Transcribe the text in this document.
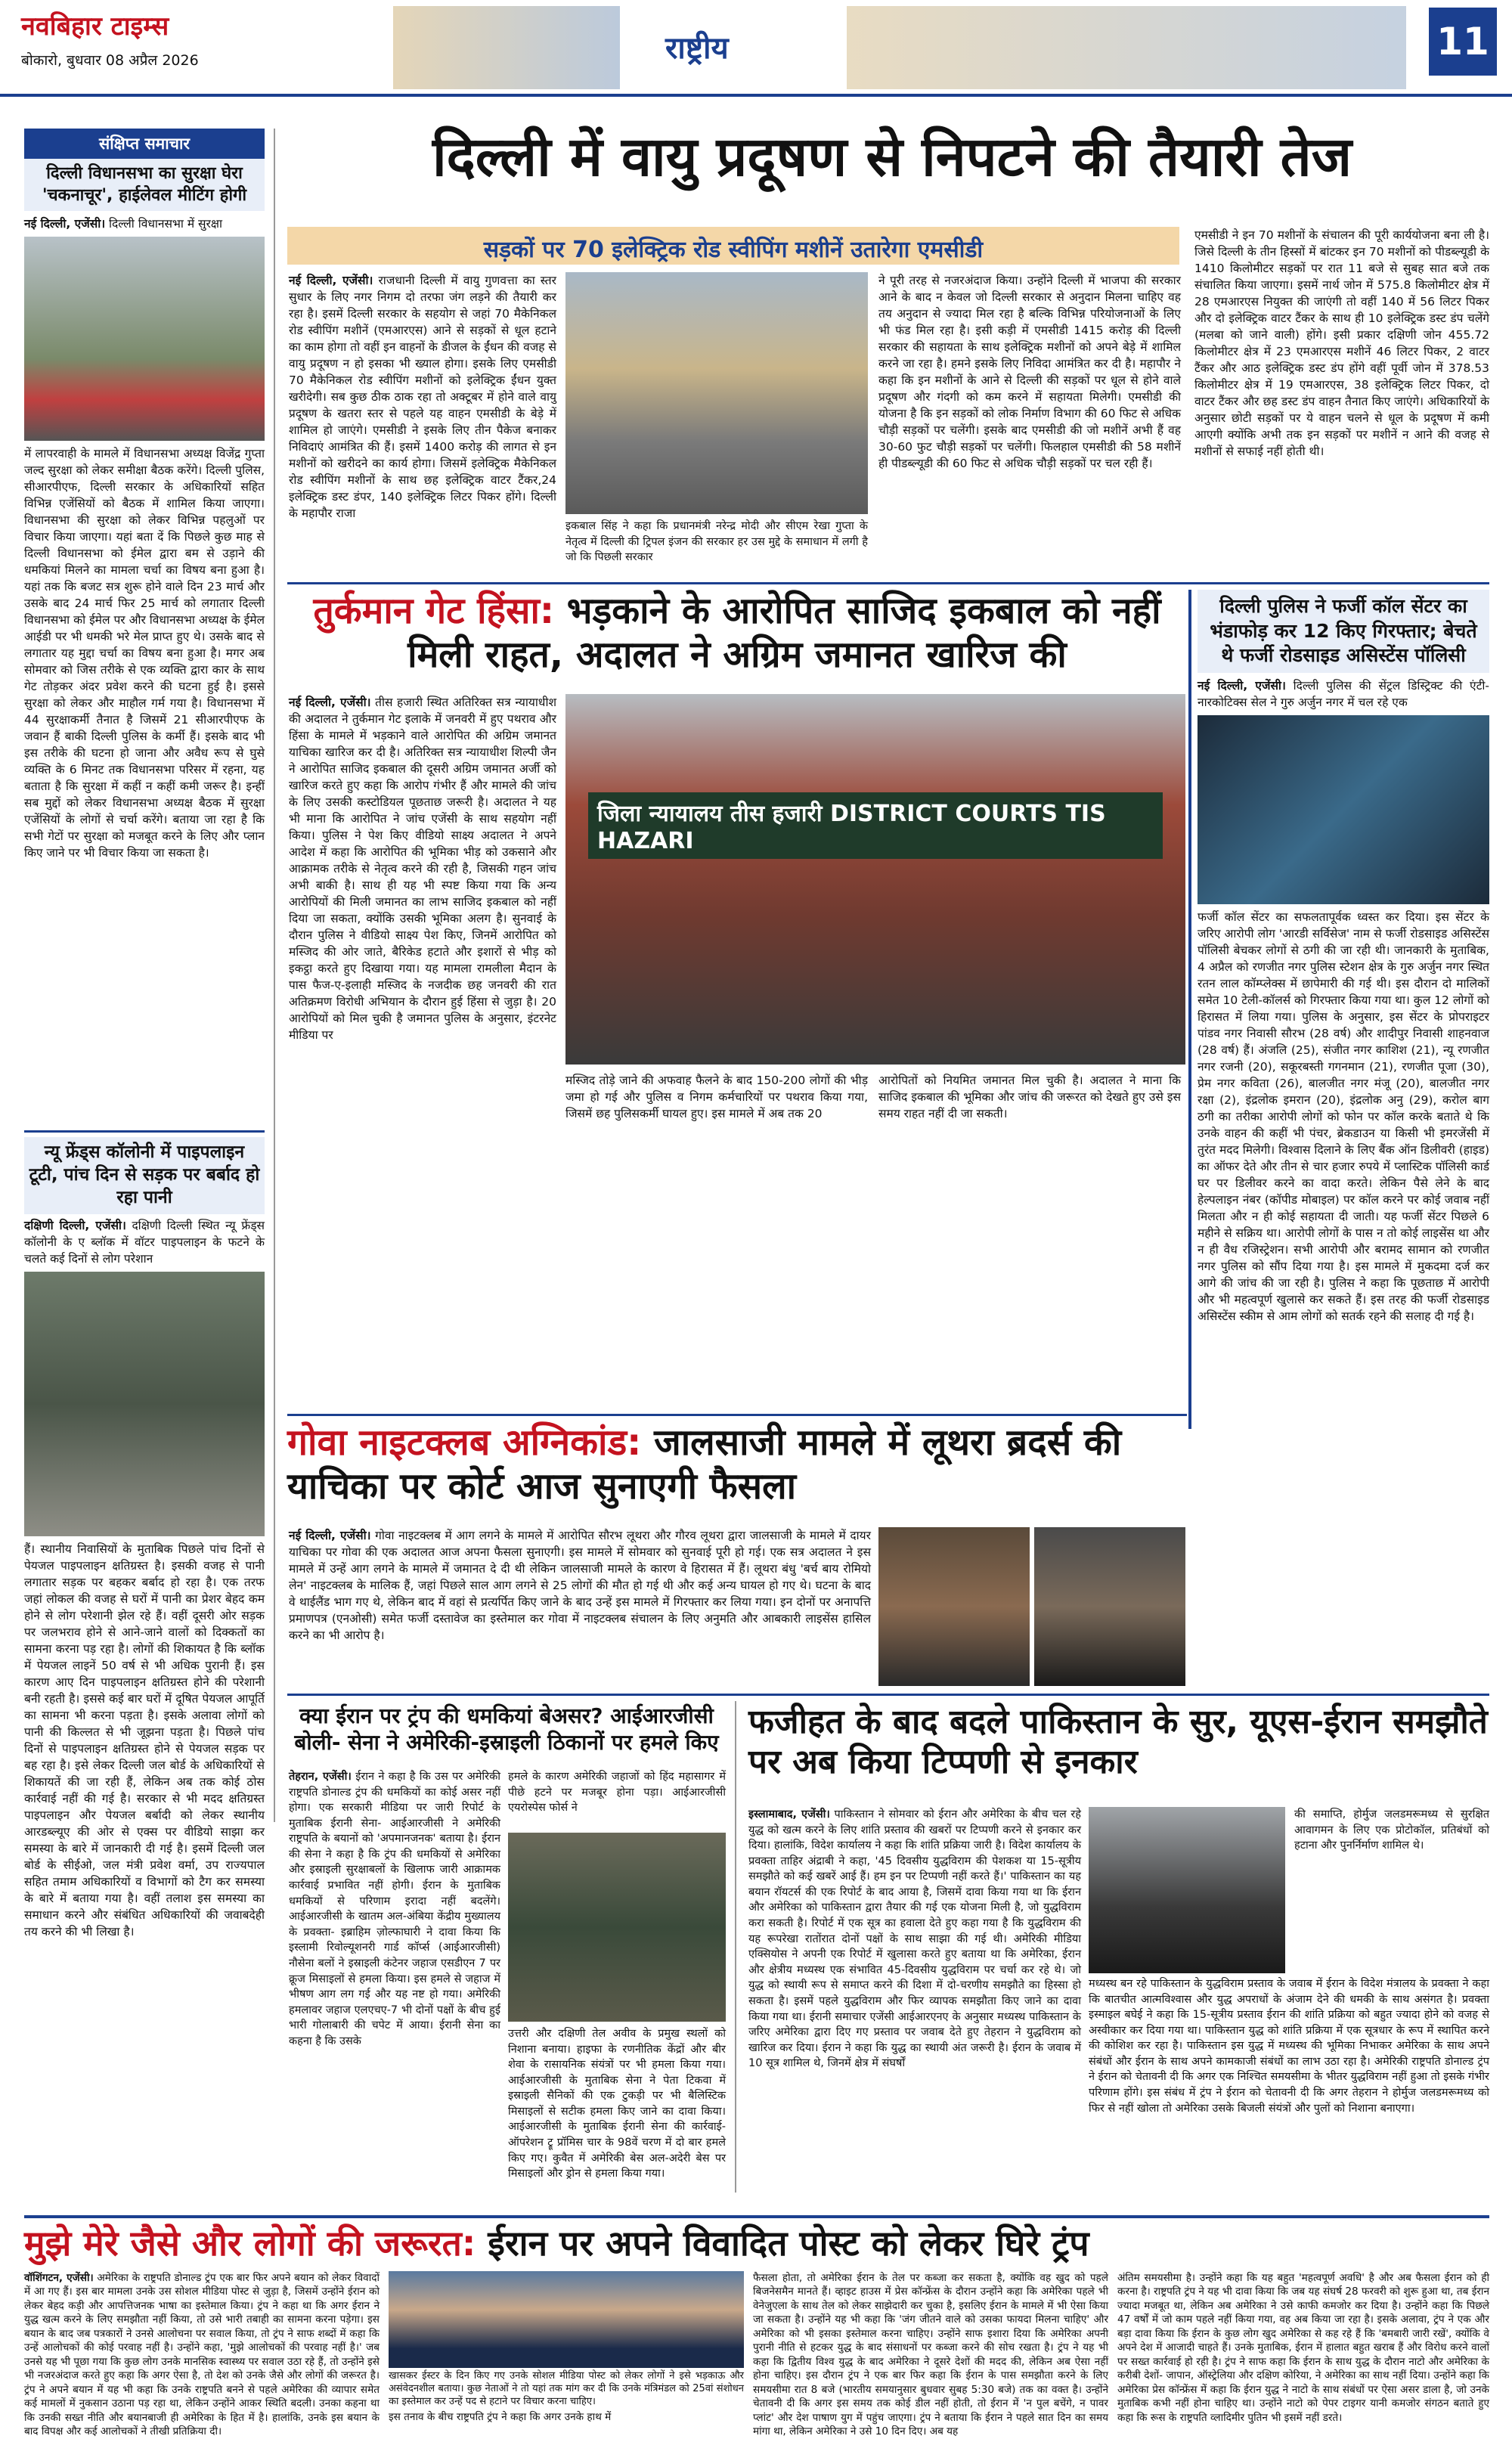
नवबिहार टाइम्स
बोकारो, बुधवार 08 अप्रैल 2026	राष्ट्रीय	11
संक्षिप्त समाचार
दिल्ली विधानसभा का सुरक्षा घेरा 'चकनाचूर', हाईलेवल मीटिंग होगी
नई दिल्ली, एजेंसी। दिल्ली विधानसभा में सुरक्षा
में लापरवाही के मामले में विधानसभा अध्यक्ष विजेंद्र गुप्ता जल्द सुरक्षा को लेकर समीक्षा बैठक करेंगे। दिल्ली पुलिस, सीआरपीएफ, दिल्ली सरकार के अधिकारियों सहित विभिन्न एजेंसियों को बैठक में शामिल किया जाएगा। विधानसभा की सुरक्षा को लेकर विभिन्न पहलुओं पर विचार किया जाएगा। यहां बता दें कि पिछले कुछ माह से दिल्ली विधानसभा को ईमेल द्वारा बम से उड़ाने की धमकियां मिलने का मामला चर्चा का विषय बना हुआ है। यहां तक कि बजट सत्र शुरू होने वाले दिन 23 मार्च और उसके बाद 24 मार्च फिर 25 मार्च को लगातार दिल्ली विधानसभा को ईमेल पर और विधानसभा अध्यक्ष के ईमेल आईडी पर भी धमकी भरे मेल प्राप्त हुए थे। उसके बाद से लगातार यह मुद्दा चर्चा का विषय बना हुआ है। मगर अब सोमवार को जिस तरीके से एक व्यक्ति द्वारा कार के साथ गेट तोड़कर अंदर प्रवेश करने की घटना हुई है। इससे सुरक्षा को लेकर और माहौल गर्म गया है। विधानसभा में 44 सुरक्षाकर्मी तैनात है जिसमें 21 सीआरपीएफ के जवान हैं बाकी दिल्ली पुलिस के कर्मी हैं। इसके बाद भी इस तरीके की घटना हो जाना और अवैध रूप से घुसे व्यक्ति के 6 मिनट तक विधानसभा परिसर में रहना, यह बताता है कि सुरक्षा में कहीं न कहीं कमी जरूर है। इन्हीं सब मुद्दों को लेकर विधानसभा अध्यक्ष बैठक में सुरक्षा एजेंसियों के लोगों से चर्चा करेंगे। बताया जा रहा है कि सभी गेटों पर सुरक्षा को मजबूत करने के लिए और प्लान किए जाने पर भी विचार किया जा सकता है।
न्यू फ्रेंड्स कॉलोनी में पाइपलाइन टूटी, पांच दिन से सड़क पर बर्बाद हो रहा पानी
दक्षिणी दिल्ली, एजेंसी। दक्षिणी दिल्ली स्थित न्यू फ्रेंड्स कॉलोनी के ए ब्लॉक में वॉटर पाइपलाइन के फटने के चलते कई दिनों से लोग परेशान
हैं। स्थानीय निवासियों के मुताबिक पिछले पांच दिनों से पेयजल पाइपलाइन क्षतिग्रस्त है। इसकी वजह से पानी लगातार सड़क पर बहकर बर्बाद हो रहा है। एक तरफ जहां लोकल की वजह से घरों में पानी का प्रेशर बेहद कम होने से लोग परेशानी झेल रहे हैं। वहीं दूसरी ओर सड़क पर जलभराव होने से आने-जाने वालों को दिक्कतों का सामना करना पड़ रहा है। लोगों की शिकायत है कि ब्लॉक में पेयजल लाइनें 50 वर्ष से भी अधिक पुरानी हैं। इस कारण आए दिन पाइपलाइन क्षतिग्रस्त होने की परेशानी बनी रहती है। इससे कई बार घरों में दूषित पेयजल आपूर्ति का सामना भी करना पड़ता है। इसके अलावा लोगों को पानी की किल्लत से भी जूझना पड़ता है। पिछले पांच दिनों से पाइपलाइन क्षतिग्रस्त होने से पेयजल सड़क पर बह रहा है। इसे लेकर दिल्ली जल बोर्ड के अधिकारियों से शिकायतें की जा रही हैं, लेकिन अब तक कोई ठोस कार्रवाई नहीं की गई है। सरकार से भी मदद क्षतिग्रस्त पाइपलाइन और पेयजल बर्बादी को लेकर स्थानीय आरडब्ल्यूए की ओर से एक्स पर वीडियो साझा कर समस्या के बारे में जानकारी दी गई है। इसमें दिल्ली जल बोर्ड के सीईओ, जल मंत्री प्रवेश वर्मा, उप राज्यपाल सहित तमाम अधिकारियों व विभागों को टैग कर समस्या के बारे में बताया गया है। वहीं तलाश इस समस्या का समाधान करने और संबंधित अधिकारियों की जवाबदेही तय करने की भी लिखा है।
दिल्ली में वायु प्रदूषण से निपटने की तैयारी तेज
सड़कों पर 70 इलेक्ट्रिक रोड स्वीपिंग मशीनें उतारेगा एमसीडी
नई दिल्ली, एजेंसी। राजधानी दिल्ली में वायु गुणवत्ता का स्तर सुधार के लिए नगर निगम दो तरफा जंग लड़ने की तैयारी कर रहा है। इसमें दिल्ली सरकार के सहयोग से जहां 70 मैकेनिकल रोड स्वीपिंग मशीनें (एमआरएस) आने से सड़कों से धूल हटाने का काम होगा तो वहीं इन वाहनों के डीजल के ईंधन की वजह से वायु प्रदूषण न हो इसका भी ख्याल होगा। इसके लिए एमसीडी 70 मैकेनिकल रोड स्वीपिंग मशीनों को इलेक्ट्रिक ईंधन युक्त खरीदेगी। सब कुछ ठीक ठाक रहा तो अक्टूबर में होने वाले वायु प्रदूषण के खतरा स्तर से पहले यह वाहन एमसीडी के बेड़े में शामिल हो जाएंगे। एमसीडी ने इसके लिए तीन पैकेज बनाकर निविदाएं आमंत्रित की हैं। इसमें 1400 करोड़ की लागत से इन मशीनों को खरीदने का कार्य होगा। जिसमें इलेक्ट्रिक मैकेनिकल रोड स्वीपिंग मशीनों के साथ छह इलेक्ट्रिक वाटर टैंकर,24 इलेक्ट्रिक डस्ट डंपर, 140 इलेक्ट्रिक लिटर पिकर होंगे। दिल्ली के महापौर राजा
इकबाल सिंह ने कहा कि प्रधानमंत्री नरेन्द्र मोदी और सीएम रेखा गुप्ता के नेतृत्व में दिल्ली की ट्रिपल इंजन की सरकार हर उस मुद्दे के समाधान में लगी है जो कि पिछली सरकार
ने पूरी तरह से नजरअंदाज किया। उन्होंने दिल्ली में भाजपा की सरकार आने के बाद न केवल जो दिल्ली सरकार से अनुदान मिलना चाहिए वह तय अनुदान से ज्यादा मिल रहा है बल्कि विभिन्न परियोजनाओं के लिए भी फंड मिल रहा है। इसी कड़ी में एमसीडी 1415 करोड़ की दिल्ली सरकार की सहायता के साथ इलेक्ट्रिक मशीनों को अपने बेड़े में शामिल करने जा रहा है। हमने इसके लिए निविदा आमंत्रित कर दी है। महापौर ने कहा कि इन मशीनों के आने से दिल्ली की सड़कों पर धूल से होने वाले प्रदूषण और गंदगी को कम करने में सहायता मिलेगी। एमसीडी की योजना है कि इन सड़कों को लोक निर्माण विभाग की 60 फिट से अधिक चौड़ी सड़कों पर चलेंगी। इसके बाद एमसीडी की जो मशीनें अभी हैं वह 30-60 फुट चौड़ी सड़कों पर चलेंगी। फिलहाल एमसीडी की 58 मशीनें ही पीडब्ल्यूडी की 60 फिट से अधिक चौड़ी सड़कों पर चल रही हैं।
एमसीडी ने इन 70 मशीनों के संचालन की पूरी कार्ययोजना बना ली है। जिसे दिल्ली के तीन हिस्सों में बांटकर इन 70 मशीनों को पीडब्ल्यूडी के 1410 किलोमीटर सड़कों पर रात 11 बजे से सुबह सात बजे तक संचालित किया जाएगा। इसमें नार्थ जोन में 575.8 किलोमीटर क्षेत्र में 28 एमआरएस नियुक्त की जाएंगी तो वहीं 140 में 56 लिटर पिकर और दो इलेक्ट्रिक वाटर टैंकर के साथ ही 10 इलेक्ट्रिक डस्ट डंप चलेंगे (मलबा को जाने वाली) होंगे। इसी प्रकार दक्षिणी जोन 455.72 किलोमीटर क्षेत्र में 23 एमआरएस मशीनें 46 लिटर पिकर, 2 वाटर टैंकर और आठ इलेक्ट्रिक डस्ट डंप होंगे वहीं पूर्वी जोन में 378.53 किलोमीटर क्षेत्र में 19 एमआरएस, 38 इलेक्ट्रिक लिटर पिकर, दो वाटर टैंकर और छह डस्ट डंप वाहन तैनात किए जाएंगे। अधिकारियों के अनुसार छोटी सड़कों पर ये वाहन चलने से धूल के प्रदूषण में कमी आएगी क्योंकि अभी तक इन सड़कों पर मशीनें न आने की वजह से मशीनों से सफाई नहीं होती थी।
तुर्कमान गेट हिंसा: भड़काने के आरोपित साजिद इकबाल को नहीं मिली राहत, अदालत ने अग्रिम जमानत खारिज की
नई दिल्ली, एजेंसी। तीस हजारी स्थित अतिरिक्त सत्र न्यायाधीश की अदालत ने तुर्कमान गेट इलाके में जनवरी में हुए पथराव और हिंसा के मामले में भड़काने वाले आरोपित की अग्रिम जमानत याचिका खारिज कर दी है। अतिरिक्त सत्र न्यायाधीश शिल्पी जैन ने आरोपित साजिद इकबाल की दूसरी अग्रिम जमानत अर्जी को खारिज करते हुए कहा कि आरोप गंभीर हैं और मामले की जांच के लिए उसकी कस्टोडियल पूछताछ जरूरी है। अदालत ने यह भी माना कि आरोपित ने जांच एजेंसी के साथ सहयोग नहीं किया। पुलिस ने पेश किए वीडियो साक्ष्य अदालत ने अपने आदेश में कहा कि आरोपित की भूमिका भीड़ को उकसाने और आक्रामक तरीके से नेतृत्व करने की रही है, जिसकी गहन जांच अभी बाकी है। साथ ही यह भी स्पष्ट किया गया कि अन्य आरोपियों की मिली जमानत का लाभ साजिद इकबाल को नहीं दिया जा सकता, क्योंकि उसकी भूमिका अलग है। सुनवाई के दौरान पुलिस ने वीडियो साक्ष्य पेश किए, जिनमें आरोपित को मस्जिद की ओर जाते, बैरिकेड हटाते और इशारों से भीड़ को इकट्ठा करते हुए दिखाया गया। यह मामला रामलीला मैदान के पास फैज-ए-इलाही मस्जिद के नजदीक छह जनवरी की रात अतिक्रमण विरोधी अभियान के दौरान हुई हिंसा से जुड़ा है। 20 आरोपियों को मिल चुकी है जमानत पुलिस के अनुसार, इंटरनेट मीडिया पर
जिला न्यायालय तीस हजारी DISTRICT COURTS TIS HAZARI
मस्जिद तोड़े जाने की अफवाह फैलने के बाद 150-200 लोगों की भीड़ जमा हो गई और पुलिस व निगम कर्मचारियों पर पथराव किया गया, जिसमें छह पुलिसकर्मी घायल हुए। इस मामले में अब तक 20
आरोपितों को नियमित जमानत मिल चुकी है। अदालत ने माना कि साजिद इकबाल की भूमिका और जांच की जरूरत को देखते हुए उसे इस समय राहत नहीं दी जा सकती।
दिल्ली पुलिस ने फर्जी कॉल सेंटर का भंडाफोड़ कर 12 किए गिरफ्तार; बेचते थे फर्जी रोडसाइड असिस्टेंस पॉलिसी
नई दिल्ली, एजेंसी। दिल्ली पुलिस की सेंट्रल डिस्ट्रिक्ट की एंटी-नारकोटिक्स सेल ने गुरु अर्जुन नगर में चल रहे एक
फर्जी कॉल सेंटर का सफलतापूर्वक ध्वस्त कर दिया। इस सेंटर के जरिए आरोपी लोग 'आरडी सर्विसेज' नाम से फर्जी रोडसाइड असिस्टेंस पॉलिसी बेचकर लोगों से ठगी की जा रही थी। जानकारी के मुताबिक, 4 अप्रैल को रणजीत नगर पुलिस स्टेशन क्षेत्र के गुरु अर्जुन नगर स्थित रतन लाल कॉम्प्लेक्स में छापेमारी की गई थी। इस दौरान दो मालिकों समेत 10 टेली-कॉलर्स को गिरफ्तार किया गया था। कुल 12 लोगों को हिरासत में लिया गया। पुलिस के अनुसार, इस सेंटर के प्रोपराइटर पांडव नगर निवासी सौरभ (28 वर्ष) और शादीपुर निवासी शाहनवाज (28 वर्ष) हैं। अंजलि (25), संजीत नगर काशिश (21), न्यू रणजीत नगर रजनी (20), सकूरबस्ती गगनमान (21), रणजीत पूजा (30), प्रेम नगर कविता (26), बालजीत नगर मंजू (20), बालजीत नगर रक्षा (2), इंद्रलोक इमरान (20), इंद्रलोक अनु (29), करोल बाग ठगी का तरीका आरोपी लोगों को फोन पर कॉल करके बताते थे कि उनके वाहन की कहीं भी पंचर, ब्रेकडाउन या किसी भी इमरजेंसी में तुरंत मदद मिलेगी। विश्वास दिलाने के लिए बैंक ऑन डिलीवरी (हाइड) का ऑफर देते और तीन से चार हजार रुपये में प्लास्टिक पॉलिसी कार्ड घर पर डिलीवर करने का वादा करते। लेकिन पैसे लेने के बाद हेल्पलाइन नंबर (कॉपीड मोबाइल) पर कॉल करने पर कोई जवाब नहीं मिलता और न ही कोई सहायता दी जाती। यह फर्जी सेंटर पिछले 6 महीने से सक्रिय था। आरोपी लोगों के पास न तो कोई लाइसेंस था और न ही वैध रजिस्ट्रेशन। सभी आरोपी और बरामद सामान को रणजीत नगर पुलिस को सौंप दिया गया है। इस मामले में मुकदमा दर्ज कर आगे की जांच की जा रही है। पुलिस ने कहा कि पूछताछ में आरोपी और भी महत्वपूर्ण खुलासे कर सकते हैं। इस तरह की फर्जी रोडसाइड असिस्टेंस स्कीम से आम लोगों को सतर्क रहने की सलाह दी गई है।
गोवा नाइटक्लब अग्निकांड: जालसाजी मामले में लूथरा ब्रदर्स की याचिका पर कोर्ट आज सुनाएगी फैसला
नई दिल्ली, एजेंसी। गोवा नाइटक्लब में आग लगने के मामले में आरोपित सौरभ लूथरा और गौरव लूथरा द्वारा जालसाजी के मामले में दायर याचिका पर गोवा की एक अदालत आज अपना फैसला सुनाएगी। इस मामले में सोमवार को सुनवाई पूरी हो गई। एक सत्र अदालत ने इस मामले में उन्हें आग लगने के मामले में जमानत दे दी थी लेकिन जालसाजी मामले के कारण वे हिरासत में हैं। लूथरा बंधु 'बर्च बाय रोमियो लेन' नाइटक्लब के मालिक हैं, जहां पिछले साल आग लगने से 25 लोगों की मौत हो गई थी और कई अन्य घायल हो गए थे। घटना के बाद वे थाईलैंड भाग गए थे, लेकिन बाद में वहां से प्रत्यर्पित किए जाने के बाद उन्हें इस मामले में गिरफ्तार कर लिया गया। इन दोनों पर अनापत्ति प्रमाणपत्र (एनओसी) समेत फर्जी दस्तावेज का इस्तेमाल कर गोवा में नाइटक्लब संचालन के लिए अनुमति और आबकारी लाइसेंस हासिल करने का भी आरोप है।
क्या ईरान पर ट्रंप की धमकियां बेअसर? आईआरजीसी
बोली- सेना ने अमेरिकी-इस्राइली ठिकानों पर हमले किए
तेहरान, एजेंसी। ईरान ने कहा है कि उस पर अमेरिकी राष्ट्रपति डोनाल्ड ट्रंप की धमकियों का कोई असर नहीं होगा। एक सरकारी मीडिया पर जारी रिपोर्ट के मुताबिक ईरानी सेना- आईआरजीसी ने अमेरिकी राष्ट्रपति के बयानों को 'अपमानजनक' बताया है। ईरान की सेना ने कहा है कि ट्रंप की धमकियों से अमेरिका और इस्राइली सुरक्षाबलों के खिलाफ जारी आक्रामक कार्रवाई प्रभावित नहीं होगी। ईरान के मुताबिक धमकियों से परिणाम इरादा नहीं बदलेंगे। आईआरजीसी के खातम अल-अंबिया केंद्रीय मुख्यालय के प्रवक्ता- इब्राहिम ज़ोल्फाघारी ने दावा किया कि इस्लामी रिवोल्यूशनरी गार्ड कॉर्प्स (आईआरजीसी) नौसेना बलों ने इस्राइली कंटेनर जहाज एसडीएन 7 पर क्रूज मिसाइलों से हमला किया। इस हमले से जहाज में भीषण आग लग गई और यह नष्ट हो गया। अमेरिकी हमलावर जहाज एलएचए-7 भी दोनों पक्षों के बीच हुई भारी गोलाबारी की चपेट में आया। ईरानी सेना का कहना है कि उसके
हमले के कारण अमेरिकी जहाजों को हिंद महासागर में पीछे हटने पर मजबूर होना पड़ा। आईआरजीसी एयरोस्पेस फोर्स ने
उत्तरी और दक्षिणी तेल अवीव के प्रमुख स्थलों को निशाना बनाया। हाइफा के रणनीतिक केंद्रों और बीर शेवा के रासायनिक संयंत्रों पर भी हमला किया गया। आईआरजीसी के मुताबिक सेना ने पेता टिकवा में इस्राइली सैनिकों की एक टुकड़ी पर भी बैलिस्टिक मिसाइलों से सटीक हमला किए जाने का दावा किया। आईआरजीसी के मुताबिक ईरानी सेना की कार्रवाई- ऑपरेशन ट्रू प्रॉमिस चार के 98वें चरण में दो बार हमले किए गए। कुवैत में अमेरिकी बेस अल-अदेरी बेस पर मिसाइलों और ड्रोन से हमला किया गया।
फजीहत के बाद बदले पाकिस्तान के सुर, यूएस-ईरान समझौते पर अब किया टिप्पणी से इनकार
इस्लामाबाद, एजेंसी। पाकिस्तान ने सोमवार को ईरान और अमेरिका के बीच चल रहे युद्ध को खत्म करने के लिए शांति प्रस्ताव की खबरों पर टिप्पणी करने से इनकार कर दिया। हालांकि, विदेश कार्यालय ने कहा कि शांति प्रक्रिया जारी है। विदेश कार्यालय के प्रवक्ता ताहिर अंद्राबी ने कहा, '45 दिवसीय युद्धविराम की पेशकश या 15-सूत्रीय समझौते को कई खबरें आई हैं। हम इन पर टिप्पणी नहीं करते हैं।' पाकिस्तान का यह बयान रॉयटर्स की एक रिपोर्ट के बाद आया है, जिसमें दावा किया गया था कि ईरान और अमेरिका को पाकिस्तान द्वारा तैयार की गई एक योजना मिली है, जो युद्धविराम करा सकती है। रिपोर्ट में एक सूत्र का हवाला देते हुए कहा गया है कि युद्धविराम की यह रूपरेखा रातोंरात दोनों पक्षों के साथ साझा की गई थी। अमेरिकी मीडिया एक्सियोस ने अपनी एक रिपोर्ट में खुलासा करते हुए बताया था कि अमेरिका, ईरान और क्षेत्रीय मध्यस्थ एक संभावित 45-दिवसीय युद्धविराम पर चर्चा कर रहे थे। जो युद्ध को स्थायी रूप से समाप्त करने की दिशा में दो-चरणीय समझौते का हिस्सा हो सकता है। इसमें पहले युद्धविराम और फिर व्यापक समझौता किए जाने का दावा किया गया था। ईरानी समाचार एजेंसी आईआरएनए के अनुसार मध्यस्थ पाकिस्तान के जरिए अमेरिका द्वारा दिए गए प्रस्ताव पर जवाब देते हुए तेहरान ने युद्धविराम को खारिज कर दिया। ईरान ने कहा कि युद्ध का स्थायी अंत जरूरी है। ईरान के जवाब में 10 सूत्र शामिल थे, जिनमें क्षेत्र में संघर्षों
की समाप्ति, होर्मुज जलडमरूमध्य से सुरक्षित आवागमन के लिए एक प्रोटोकॉल, प्रतिबंधों को हटाना और पुनर्निर्माण शामिल थे।
मध्यस्थ बन रहे पाकिस्तान के युद्धविराम प्रस्ताव के जवाब में ईरान के विदेश मंत्रालय के प्रवक्ता ने कहा कि बातचीत आत्मविश्वास और युद्ध अपराधों के अंजाम देने की धमकी के साथ असंगत है। प्रवक्ता इस्माइल बघेई ने कहा कि 15-सूत्रीय प्रस्ताव ईरान की शांति प्रक्रिया को बहुत ज्यादा होने को वजह से अस्वीकार कर दिया गया था। पाकिस्तान युद्ध को शांति प्रक्रिया में एक सूत्रधार के रूप में स्थापित करने की कोशिश कर रहा है। पाकिस्तान इस युद्ध में मध्यस्थ की भूमिका निभाकर अमेरिका के साथ अपने संबंधों और ईरान के साथ अपने कामकाजी संबंधों का लाभ उठा रहा है। अमेरिकी राष्ट्रपति डोनाल्ड ट्रंप ने ईरान को चेतावनी दी कि अगर एक निश्चित समयसीमा के भीतर युद्धविराम नहीं हुआ तो इसके गंभीर परिणाम होंगे। इस संबंध में ट्रंप ने ईरान को चेतावनी दी कि अगर तेहरान ने होर्मुज जलडमरूमध्य को फिर से नहीं खोला तो अमेरिका उसके बिजली संयंत्रों और पुलों को निशाना बनाएगा।
मुझे मेरे जैसे और लोगों की जरूरत: ईरान पर अपने विवादित पोस्ट को लेकर घिरे ट्रंप
वॉशिंगटन, एजेंसी। अमेरिका के राष्ट्रपति डोनाल्ड ट्रंप एक बार फिर अपने बयान को लेकर विवादों में आ गए हैं। इस बार मामला उनके उस सोशल मीडिया पोस्ट से जुड़ा है, जिसमें उन्होंने ईरान को लेकर बेहद कड़ी और आपत्तिजनक भाषा का इस्तेमाल किया। ट्रंप ने कहा था कि अगर ईरान ने युद्ध खत्म करने के लिए समझौता नहीं किया, तो उसे भारी तबाही का सामना करना पड़ेगा। इस बयान के बाद जब पत्रकारों ने उनसे आलोचना पर सवाल किया, तो ट्रंप ने साफ शब्दों में कहा कि उन्हें आलोचकों की कोई परवाह नहीं है। उन्होंने कहा, 'मुझे आलोचकों की परवाह नहीं है।' जब उनसे यह भी पूछा गया कि कुछ लोग उनके मानसिक स्वास्थ्य पर सवाल उठा रहे हैं, तो उन्होंने इसे भी नजरअंदाज करते हुए कहा कि अगर ऐसा है, तो देश को उनके जैसे और लोगों की जरूरत है। ट्रंप ने अपने बयान में यह भी कहा कि उनके राष्ट्रपति बनने से पहले अमेरिका की व्यापार समेत कई मामलों में नुकसान उठाना पड़ रहा था, लेकिन उन्होंने आकर स्थिति बदली। उनका कहना था कि उनकी सख्त नीति और बयानबाजी ही अमेरिका के हित में है। हालांकि, उनके इस बयान के बाद विपक्ष और कई आलोचकों ने तीखी प्रतिक्रिया दी।
खासकर ईस्टर के दिन किए गए उनके सोशल मीडिया पोस्ट को लेकर लोगों ने इसे भड़काऊ और असंवेदनशील बताया। कुछ नेताओं ने तो यहां तक मांग कर दी कि उनके मंत्रिमंडल को 25वां संशोधन का इस्तेमाल कर उन्हें पद से हटाने पर विचार करना चाहिए।
इस तनाव के बीच राष्ट्रपति ट्रंप ने कहा कि अगर उनके हाथ में
फैसला होता, तो अमेरिका ईरान के तेल पर कब्जा कर सकता है, क्योंकि वह खुद को पहले बिजनेसमैन मानते हैं। व्हाइट हाउस में प्रेस कॉन्फ्रेंस के दौरान उन्होंने कहा कि अमेरिका पहले भी वेनेजुएला के साथ तेल को लेकर साझेदारी कर चुका है, इसलिए ईरान के मामले में भी ऐसा किया जा सकता है। उन्होंने यह भी कहा कि 'जंग जीतने वाले को उसका फायदा मिलना चाहिए' और अमेरिका को भी इसका इस्तेमाल करना चाहिए। उन्होंने साफ इशारा दिया कि अमेरिका अपनी पुरानी नीति से हटकर युद्ध के बाद संसाधनों पर कब्जा करने की सोच रखता है। ट्रंप ने यह भी कहा कि द्वितीय विश्व युद्ध के बाद अमेरिका ने दूसरे देशों की मदद की, लेकिन अब ऐसा नहीं होना चाहिए। इस दौरान ट्रंप ने एक बार फिर कहा कि ईरान के पास समझौता करने के लिए समयसीमा रात 8 बजे (भारतीय समयानुसार बुधवार सुबह 5:30 बजे) तक का वक्त है। उन्होंने चेतावनी दी कि अगर इस समय तक कोई डील नहीं होती, तो ईरान में 'न पुल बचेंगे, न पावर प्लांट' और देश पाषाण युग में पहुंच जाएगा। ट्रंप ने बताया कि ईरान ने पहले सात दिन का समय मांगा था, लेकिन अमेरिका ने उसे 10 दिन दिए। अब यह
अंतिम समयसीमा है। उन्होंने कहा कि यह बहुत 'महत्वपूर्ण अवधि' है और अब फैसला ईरान को ही करना है। राष्ट्रपति ट्रंप ने यह भी दावा किया कि जब यह संघर्ष 28 फरवरी को शुरू हुआ था, तब ईरान ज्यादा मजबूत था, लेकिन अब अमेरिका ने उसे काफी कमजोर कर दिया है। उन्होंने कहा कि पिछले 47 वर्षों में जो काम पहले नहीं किया गया, वह अब किया जा रहा है। इसके अलावा, ट्रंप ने एक और बड़ा दावा किया कि ईरान के कुछ लोग खुद अमेरिका से कह रहे हैं कि 'बमबारी जारी रखें', क्योंकि वे अपने देश में आजादी चाहते हैं। उनके मुताबिक, ईरान में हालात बहुत खराब हैं और विरोध करने वालों पर सख्त कार्रवाई हो रही है। ट्रंप ने साफ कहा कि ईरान के साथ युद्ध के दौरान नाटो और अमेरिका के करीबी देशों- जापान, ऑस्ट्रेलिया और दक्षिण कोरिया, ने अमेरिका का साथ नहीं दिया। उन्होंने कहा कि अमेरिका प्रेस कॉन्फ्रेंस में कहा कि ईरान युद्ध ने नाटो के साथ संबंधों पर ऐसा असर डाला है, जो उनके मुताबिक कभी नहीं होना चाहिए था। उन्होंने नाटो को पेपर टाइगर यानी कमजोर संगठन बताते हुए कहा कि रूस के राष्ट्रपति व्लादिमीर पुतिन भी इसमें नहीं डरते।
